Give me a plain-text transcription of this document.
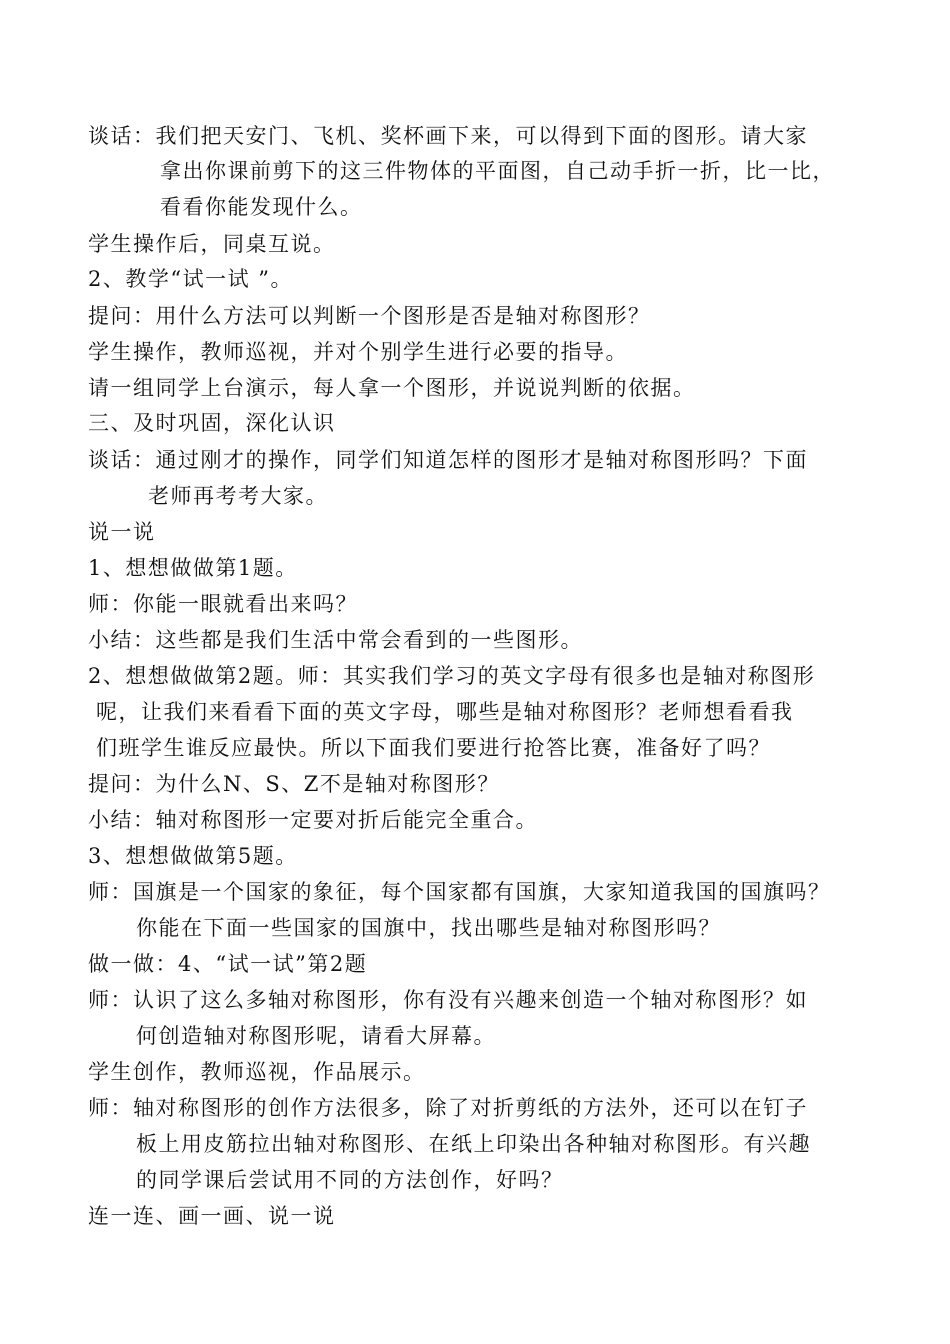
谈话：我们把天安门、飞机、奖杯画下来，可以得到下面的图形。请大家
拿出你课前剪下的这三件物体的平面图，自己动手折一折，比一比，
看看你能发现什么。
学生操作后，同桌互说。
2、教学“试一试 ”。
提问：用什么方法可以判断一个图形是否是轴对称图形？
学生操作，教师巡视，并对个别学生进行必要的指导。
请一组同学上台演示，每人拿一个图形，并说说判断的依据。
三、及时巩固，深化认识
谈话：通过刚才的操作，同学们知道怎样的图形才是轴对称图形吗？下面
老师再考考大家。
说一说
1、想想做做第1题。
师：你能一眼就看出来吗？
小结：这些都是我们生活中常会看到的一些图形。
2、想想做做第2题。师：其实我们学习的英文字母有很多也是轴对称图形
呢，让我们来看看下面的英文字母，哪些是轴对称图形？老师想看看我
们班学生谁反应最快。所以下面我们要进行抢答比赛，准备好了吗？
提问：为什么N、S、Z不是轴对称图形？
小结：轴对称图形一定要对折后能完全重合。
3、想想做做第5题。
师：国旗是一个国家的象征，每个国家都有国旗，大家知道我国的国旗吗？
你能在下面一些国家的国旗中，找出哪些是轴对称图形吗？
做一做：4、“试一试”第2题
师：认识了这么多轴对称图形，你有没有兴趣来创造一个轴对称图形？如
何创造轴对称图形呢，请看大屏幕。
学生创作，教师巡视，作品展示。
师：轴对称图形的创作方法很多，除了对折剪纸的方法外，还可以在钉子
板上用皮筋拉出轴对称图形、在纸上印染出各种轴对称图形。有兴趣
的同学课后尝试用不同的方法创作，好吗？
连一连、画一画、说一说
